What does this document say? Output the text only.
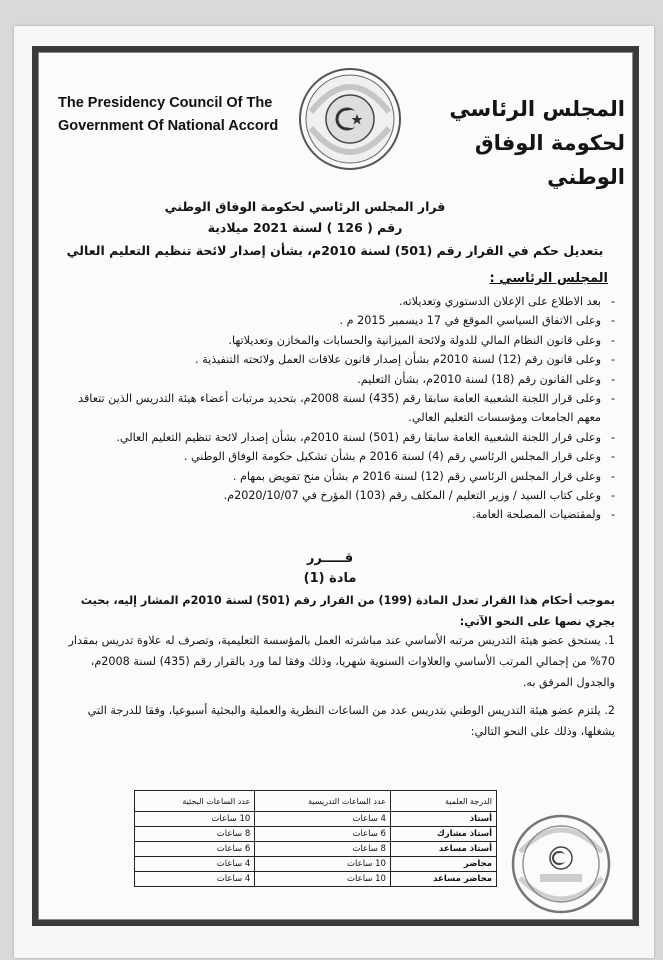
The Presidency Council Of The
Government Of National Accord
المجلس الرئاسي
لحكومة الوفاق الوطني
قرار المجلس الرئاسي لحكومة الوفاق الوطني
رقم ( 126 ) لسنة 2021 ميلادية
بتعديل حكم في القرار رقم (501) لسنة 2010م، بشأن إصدار لائحة تنظيم التعليم العالي
المجلس الرئاسي :
- بعد الاطلاع على الإعلان الدستوري وتعديلاته.
- وعلى الاتفاق السياسي الموقع في 17 ديسمبر 2015 م .
- وعلى قانون النظام المالي للدولة ولائحة الميزانية والحسابات والمخازن وتعديلاتها.
- وعلى قانون رقم (12) لسنة 2010م بشأن إصدار قانون علاقات العمل ولائحته التنفيذية .
- وعلى القانون رقم (18) لسنة 2010م، بشأن التعليم.
- وعلى قرار اللجنة الشعبية العامة سابقا رقم (435) لسنة 2008م، بتحديد مرتبات أعضاء هيئة التدريس الذين تتعاقد معهم الجامعات ومؤسسات التعليم العالي.
- وعلى قرار اللجنة الشعبية العامة سابقا رقم (501) لسنة 2010م، بشأن إصدار لائحة تنظيم التعليم العالي.
- وعلى قرار المجلس الرئاسي رقم (4) لسنة 2016 م بشأن تشكيل حكومة الوفاق الوطني .
- وعلى قرار المجلس الرئاسي رقم (12) لسنة 2016 م بشأن منح تفويض بمهام .
- وعلى كتاب السيد / وزير التعليم / المكلف رقم (103) المؤرخ في 2020/10/07م.
- ولمقتضيات المصلحة العامة.
قـــــرر
مادة (1)
بموجب أحكام هذا القرار تعدل المادة (199) من القرار رقم (501) لسنة 2010م المشار إليه، بحيث يجري نصها على النحو الآتي:
1. يستحق عضو هيئة التدريس مرتبه الأساسي عند مباشرته العمل بالمؤسسة التعليمية، وتصرف له علاوة تدريس بمقدار 70% من إجمالي المرتب الأساسي والعلاوات السنوية شهريا، وذلك وفقا لما ورد بالقرار رقم (435) لسنة 2008م، والجدول المرفق به.
2. يلتزم عضو هيئة التدريس الوطني بتدريس عدد من الساعات النظرية والعملية والبحثية أسبوعيا، وفقا للدرجة التي يشغلها، وذلك على النحو التالي:
الدرجة العلمية	عدد الساعات التدريسية	عدد الساعات البحثية
أستاذ	4 ساعات	10 ساعات
أستاذ مشارك	6 ساعات	8 ساعات
أستاذ مساعد	8 ساعات	6 ساعات
محاضر	10 ساعات	4 ساعات
محاضر مساعد	10 ساعات	4 ساعات
